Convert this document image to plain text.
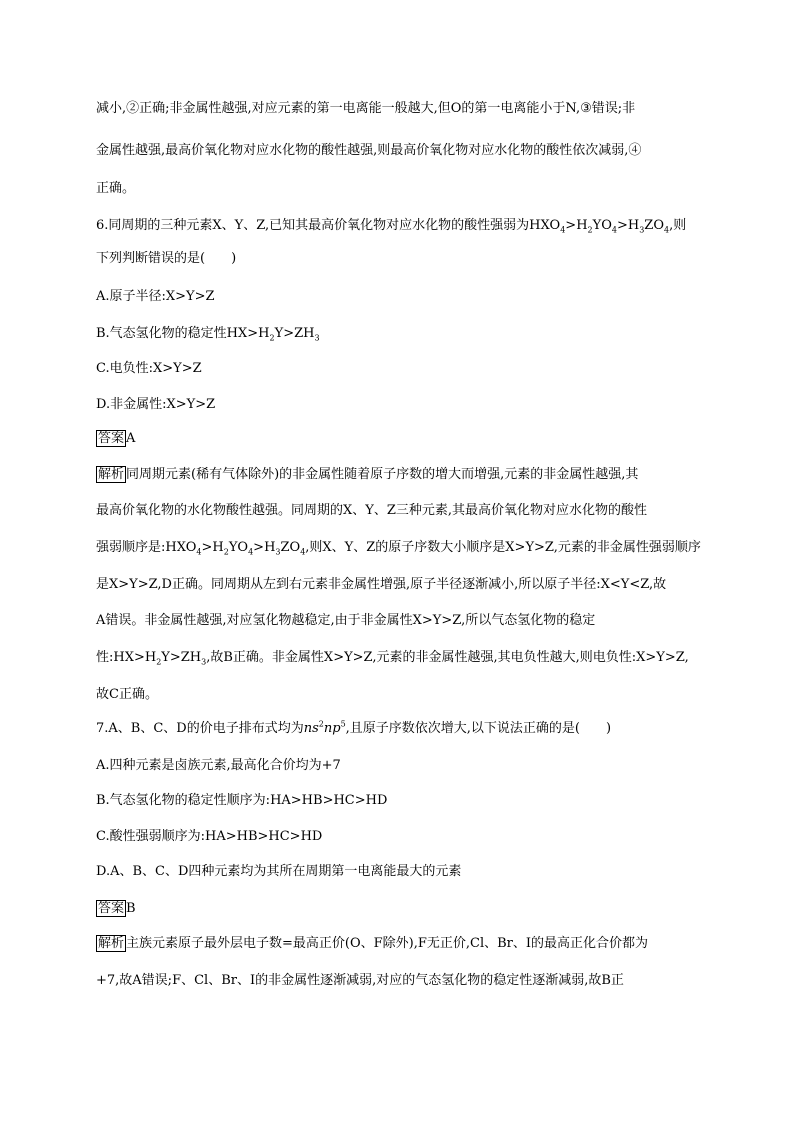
减小,②正确;非金属性越强,对应元素的第一电离能一般越大,但O的第一电离能小于N,③错误;非
金属性越强,最高价氧化物对应水化物的酸性越强,则最高价氧化物对应水化物的酸性依次减弱,④
正确。
6.同周期的三种元素X、Y、Z,已知其最高价氧化物对应水化物的酸性强弱为$HXO_4>H_2YO_4>H_3ZO_4$,则
下列判断错误的是(　　)
A.原子半径:X>Y>Z
B.气态氢化物的稳定性$HX>H_2Y>ZH_3$
C.电负性:X>Y>Z
D.非金属性:X>Y>Z
答案 A
解析 同周期元素(稀有气体除外)的非金属性随着原子序数的增大而增强,元素的非金属性越强,其
最高价氧化物的水化物酸性越强。同周期的X、Y、Z三种元素,其最高价氧化物对应水化物的酸性
强弱顺序是$:HXO_4>H_2YO_4>H_3ZO_4$,则X、Y、Z的原子序数大小顺序是X>Y>Z,元素的非金属性强弱顺序
是X>Y>Z,D正确。同周期从左到右元素非金属性增强,原子半径逐渐减小,所以原子半径:X<Y<Z,故
A错误。非金属性越强,对应氢化物越稳定,由于非金属性X>Y>Z,所以气态氢化物的稳定
性$:HX>H_2Y>ZH_3$,故B正确。非金属性X>Y>Z,元素的非金属性越强,其电负性越大,则电负性:X>Y>Z,
故C正确。
7.A、B、C、D的价电子排布式均为$ns^2np^5$,且原子序数依次增大,以下说法正确的是(　　)
A.四种元素是卤族元素,最高化合价均为+7
B.气态氢化物的稳定性顺序为:HA>HB>HC>HD
C.酸性强弱顺序为:HA>HB>HC>HD
D.A、B、C、D四种元素均为其所在周期第一电离能最大的元素
答案 B
解析 主族元素原子最外层电子数=最高正价(O、F除外),F无正价,Cl、Br、I的最高正化合价都为
+7,故A错误;F、Cl、Br、I的非金属性逐渐减弱,对应的气态氢化物的稳定性逐渐减弱,故B正
